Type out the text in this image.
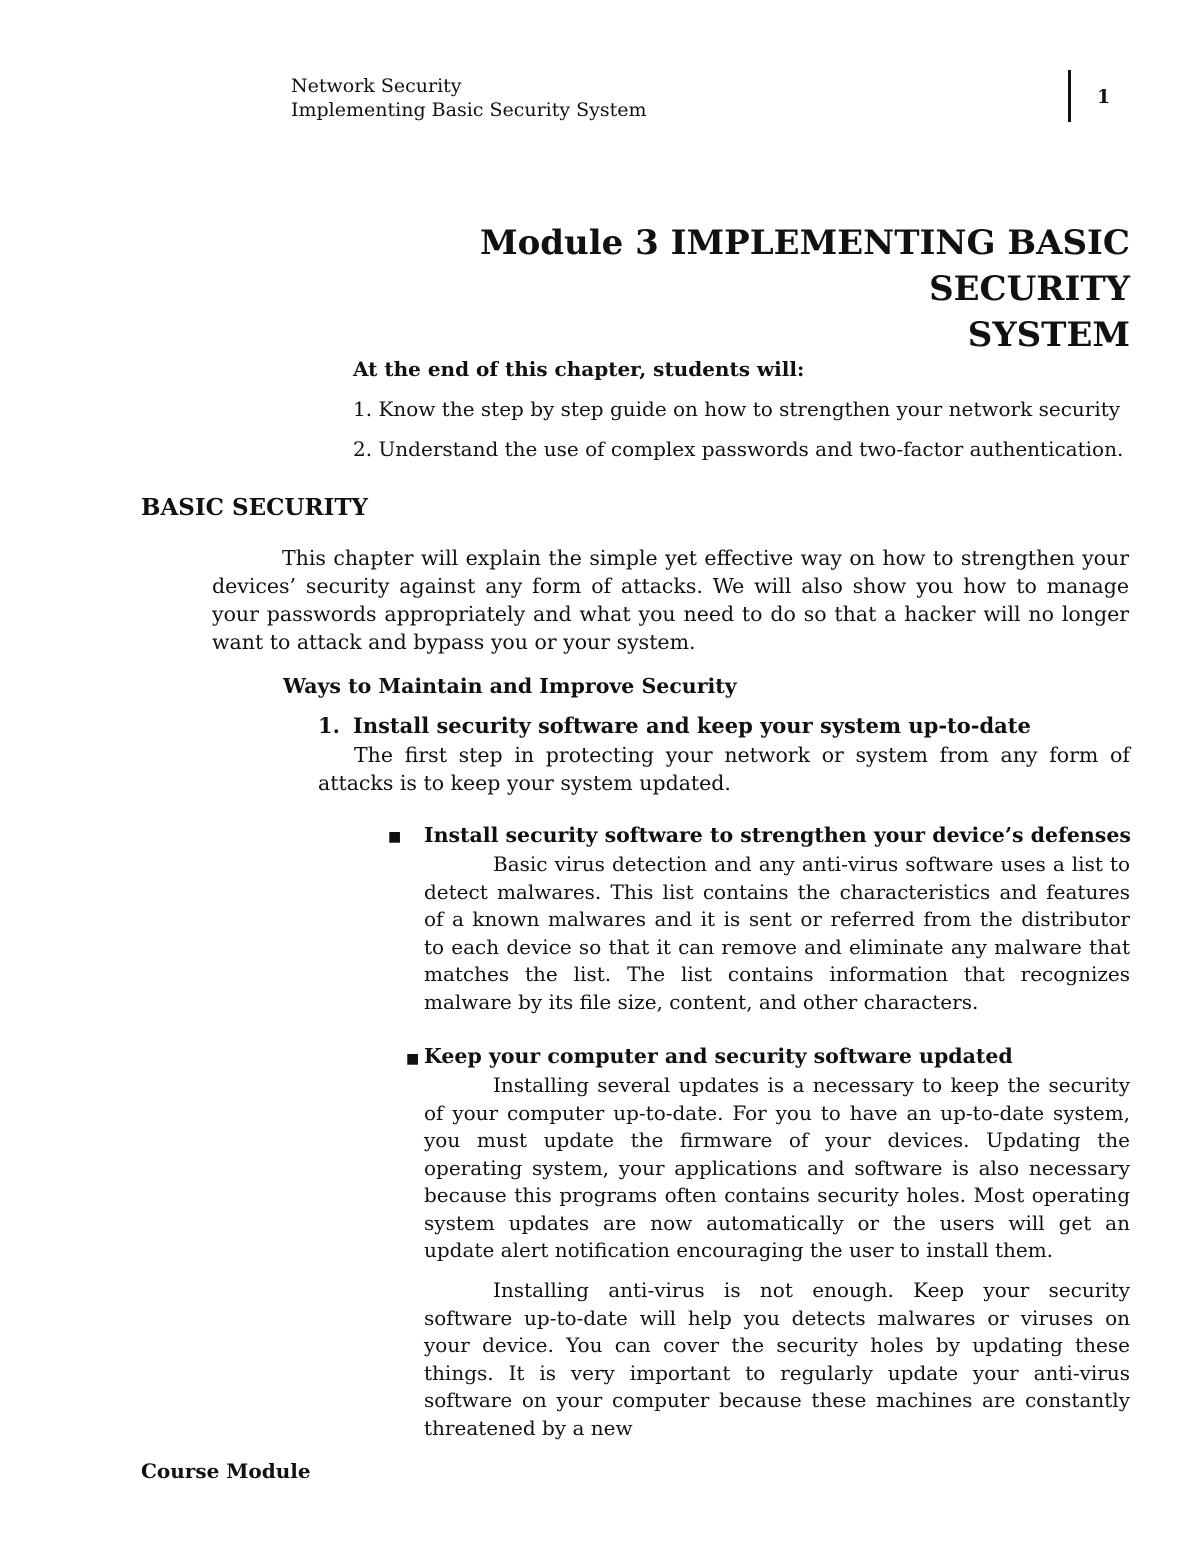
Network Security
Implementing Basic Security System
1
Module 3 IMPLEMENTING BASIC SECURITY
SYSTEM
At the end of this chapter, students will:
1. Know the step by step guide on how to strengthen your network security
2. Understand the use of complex passwords and two-factor authentication.
BASIC SECURITY

This chapter will explain the simple yet effective way on how to strengthen your devices’ security against any form of attacks. We will also show you how to manage your passwords appropriately and what you need to do so that a hacker will no longer want to attack and bypass you or your system.

Ways to Maintain and Improve Security
1. Install security software and keep your system up-to-date

The first step in protecting your network or system from any form of attacks is to keep your system updated.

■ Install security software to strengthen your device’s defenses

Basic virus detection and any anti-virus software uses a list to detect malwares. This list contains the characteristics and features of a known malwares and it is sent or referred from the distributor to each device so that it can remove and eliminate any malware that matches the list. The list contains information that recognizes malware by its file size, content, and other characters.

■ Keep your computer and security software updated

Installing several updates is a necessary to keep the security of your computer up-to-date. For you to have an up-to-date system, you must update the firmware of your devices. Updating the operating system, your applications and software is also necessary because this programs often contains security holes. Most operating system updates are now automatically or the users will get an update alert notification encouraging the user to install them.

Installing anti-virus is not enough. Keep your security software up-to-date will help you detects malwares or viruses on your device. You can cover the security holes by updating these things. It is very important to regularly update your anti-virus software on your computer because these machines are constantly threatened by a new

Course Module
